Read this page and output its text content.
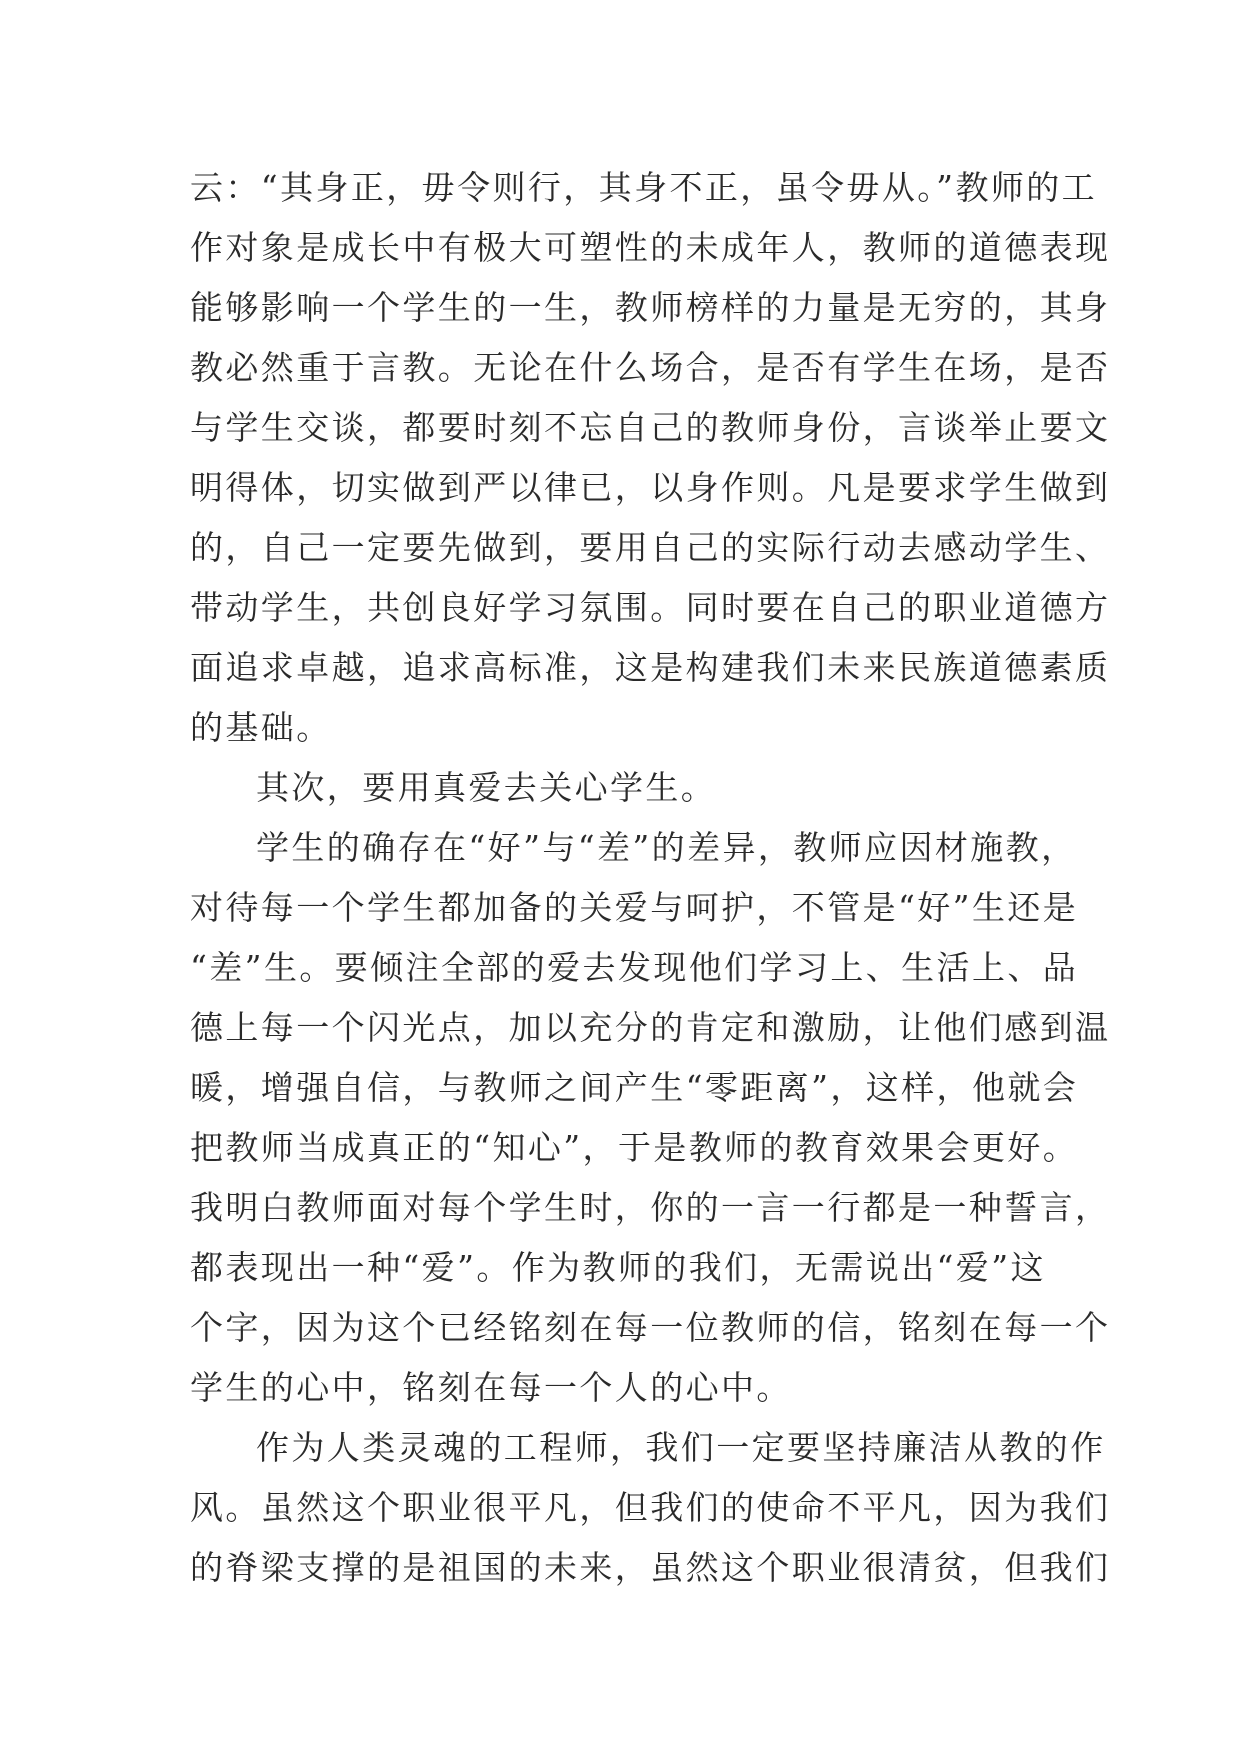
云：“其身正，毋令则行，其身不正，虽令毋从。”教师的工
作对象是成长中有极大可塑性的未成年人，教师的道德表现
能够影响一个学生的一生，教师榜样的力量是无穷的，其身
教必然重于言教。无论在什么场合，是否有学生在场，是否
与学生交谈，都要时刻不忘自己的教师身份，言谈举止要文
明得体，切实做到严以律已，以身作则。凡是要求学生做到
的，自己一定要先做到，要用自己的实际行动去感动学生、
带动学生，共创良好学习氛围。同时要在自己的职业道德方
面追求卓越，追求高标准，这是构建我们未来民族道德素质
的基础。
其次，要用真爱去关心学生。
学生的确存在“好”与“差”的差异，教师应因材施教，
对待每一个学生都加备的关爱与呵护，不管是“好”生还是
“差”生。要倾注全部的爱去发现他们学习上、生活上、品
德上每一个闪光点，加以充分的肯定和激励，让他们感到温
暖，增强自信，与教师之间产生“零距离”，这样，他就会
把教师当成真正的“知心”，于是教师的教育效果会更好。
我明白教师面对每个学生时，你的一言一行都是一种誓言，
都表现出一种“爱”。作为教师的我们，无需说出“爱”这
个字，因为这个已经铭刻在每一位教师的信，铭刻在每一个
学生的心中，铭刻在每一个人的心中。
作为人类灵魂的工程师，我们一定要坚持廉洁从教的作
风。虽然这个职业很平凡，但我们的使命不平凡，因为我们
的脊梁支撑的是祖国的未来，虽然这个职业很清贫，但我们
